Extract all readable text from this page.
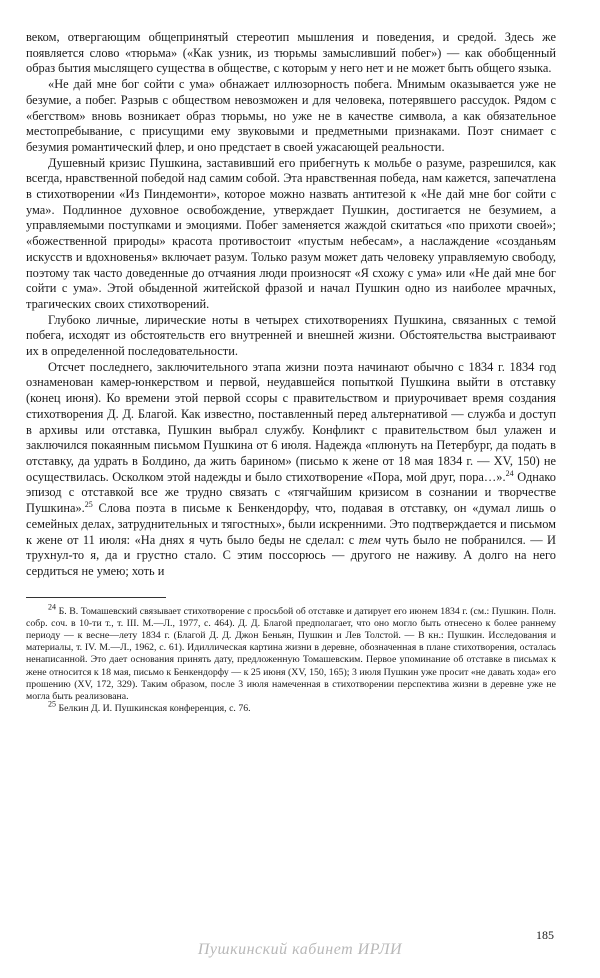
веком, отвергающим общепринятый стереотип мышления и поведения, и средой. Здесь же появляется слово «тюрьма» («Как узник, из тюрьмы замысливший побег») — как обобщенный образ бытия мыслящего существа в обществе, с которым у него нет и не может быть общего языка.

«Не дай мне бог сойти с ума» обнажает иллюзорность побега. Мнимым оказывается уже не безумие, а побег. Разрыв с обществом невозможен и для человека, потерявшего рассудок. Рядом с «бегством» вновь возникает образ тюрьмы, но уже не в качестве символа, а как обязательное местопребывание, с присущими ему звуковыми и предметными признаками. Поэт снимает с безумия романтический флер, и оно предстает в своей ужасающей реальности.

Душевный кризис Пушкина, заставивший его прибегнуть к мольбе о разуме, разрешился, как всегда, нравственной победой над самим собой. Эта нравственная победа, нам кажется, запечатлена в стихотворении «Из Пиндемонти», которое можно назвать антитезой к «Не дай мне бог сойти с ума». Подлинное духовное освобождение, утверждает Пушкин, достигается не безумием, а управляемыми поступками и эмоциями. Побег заменяется жаждой скитаться «по прихоти своей»; «божественной природы» красота противостоит «пустым небесам», а наслаждение «созданьям искусств и вдохновенья» включает разум. Только разум может дать человеку управляемую свободу, поэтому так часто доведенные до отчаяния люди произносят «Я схожу с ума» или «Не дай мне бог сойти с ума». Этой обыденной житейской фразой и начал Пушкин одно из наиболее мрачных, трагических своих стихотворений.

Глубоко личные, лирические ноты в четырех стихотворениях Пушкина, связанных с темой побега, исходят из обстоятельств его внутренней и внешней жизни. Обстоятельства выстраивают их в определенной последовательности.

Отсчет последнего, заключительного этапа жизни поэта начинают обычно с 1834 г. 1834 год ознаменован камер-юнкерством и первой, неудавшейся попыткой Пушкина выйти в отставку (конец июня). Ко времени этой первой ссоры с правительством и приурочивает время создания стихотворения Д. Д. Благой. Как известно, поставленный перед альтернативой — служба и доступ в архивы или отставка, Пушкин выбрал службу. Конфликт с правительством был улажен и заключился покаянным письмом Пушкина от 6 июля. Надежда «плюнуть на Петербург, да подать в отставку, да удрать в Болдино, да жить барином» (письмо к жене от 18 мая 1834 г. — XV, 150) не осуществилась. Осколком этой надежды и было стихотворение «Пора, мой друг, пора…».$^{24}$ Однако эпизод с отставкой все же трудно связать с «тягчайшим кризисом в сознании и творчестве Пушкина».$^{25}$ Слова поэта в письме к Бенкендорфу, что, подавая в отставку, он «думал лишь о семейных делах, затруднительных и тягостных», были искренними. Это подтверждается и письмом к жене от 11 июля: «На днях я чуть было беды не сделал: с тем чуть было не побранился. — И трухнул-то я, да и грустно стало. С этим поссорюсь — другого не наживу. А долго на него сердиться не умею; хоть и

$^{24}$ Б. В. Томашевский связывает стихотворение с просьбой об отставке и датирует его июнем 1834 г. (см.: Пушкин. Полн. собр. соч. в 10-ти т., т. III. М.—Л., 1977, с. 464). Д. Д. Благой предполагает, что оно могло быть отнесено к более раннему периоду — к весне—лету 1834 г. (Благой Д. Д. Джон Беньян, Пушкин и Лев Толстой. — В кн.: Пушкин. Исследования и материалы, т. IV. М.—Л., 1962, с. 61). Идиллическая картина жизни в деревне, обозначенная в плане стихотворения, осталась ненаписанной. Это дает основания принять дату, предложенную Томашевским. Первое упоминание об отставке в письмах к жене относится к 18 мая, письмо к Бенкендорфу — к 25 июня (XV, 150, 165); 3 июля Пушкин уже просит «не давать хода» его прошению (XV, 172, 329). Таким образом, после 3 июля намеченная в стихотворении перспектива жизни в деревне уже не могла быть реализована.

$^{25}$ Белкин Д. И. Пушкинская конференция, с. 76.

185
Пушкинский кабинет ИРЛИ
